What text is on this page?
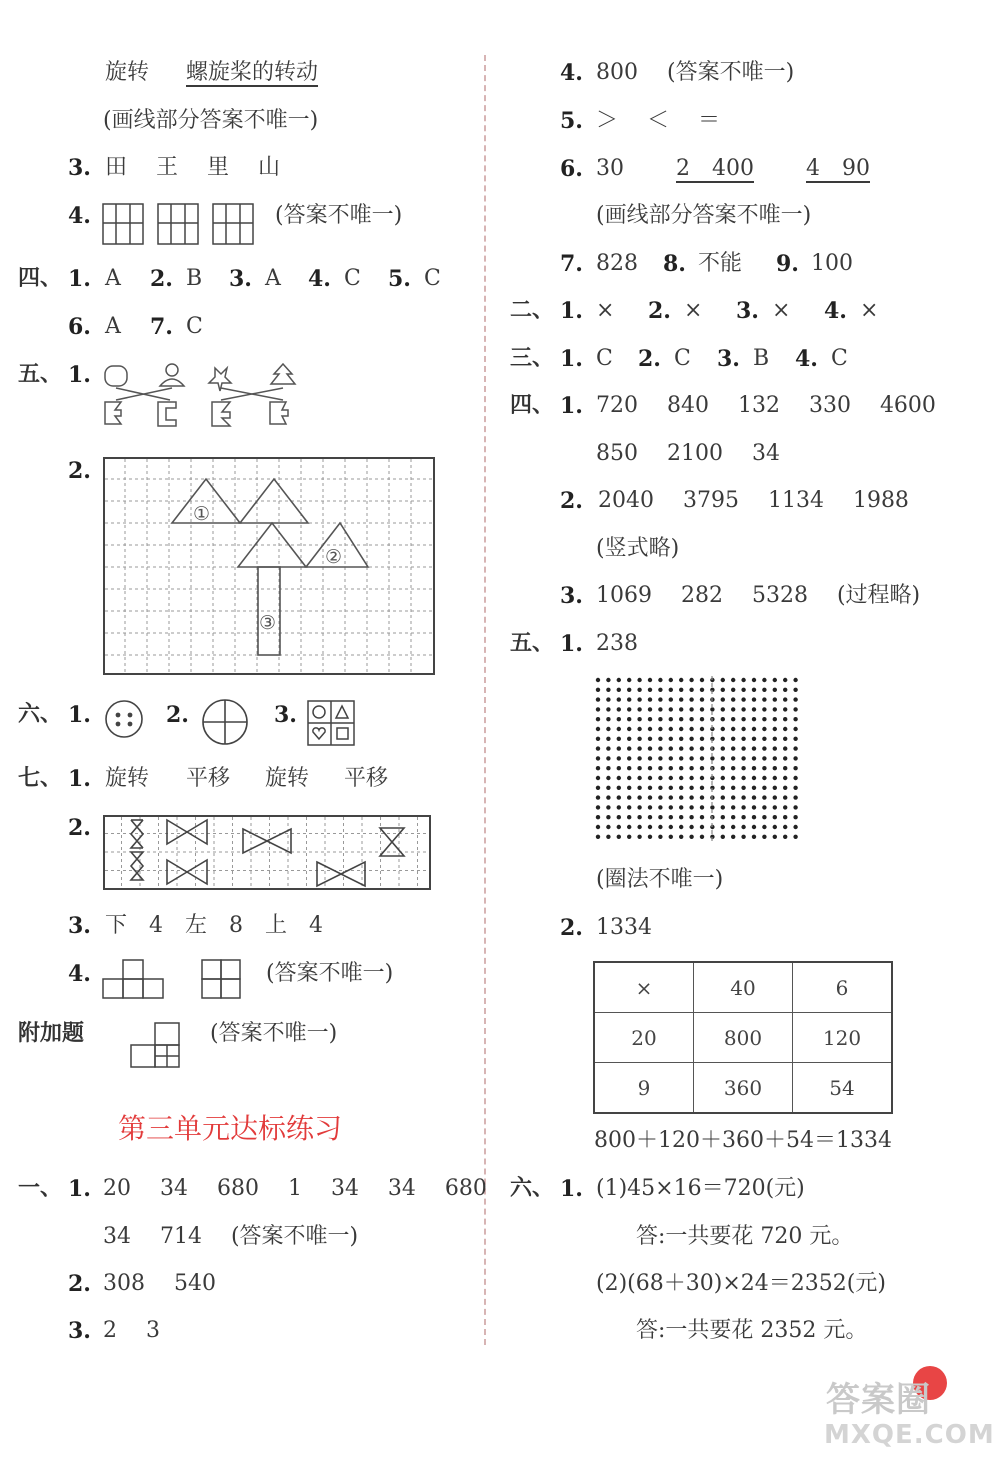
旋转 螺旋桨的转动
(画线部分答案不唯一)
3. 田　 王　 里　 山
4.	(答案不唯一)
四、 1. A 2. B 3. A 4. C 5. C
6. A 7. C
五、 1.
2.
①
②
③
六、 1.	2.	3.
七、 1. 旋转 平移 旋转 平移
2.
3. 下　4　左　8　上　4
4.	(答案不唯一)
附加题	(答案不唯一)
第三单元达标练习
一、 1. 20　 34　 680　 1　 34　 34　 680
34　 714　 (答案不唯一)
2. 308　 540
3. 2　 3
4. 800　 (答案不唯一)
5. ＞　 ＜　 ＝
6. 30 2　400 4　90
(画线部分答案不唯一)
7. 828 8. 不能 9. 100
二、 1. × 2. × 3. × 4. ×
三、 1. C 2. C 3. B 4. C
四、 1. 720　 840　 132　 330　 4600
850　 2100　 34
2. 2040　 3795　 1134　 1988
(竖式略)
3. 1069　 282　 5328　 (过程略)
五、 1. 238
(圈法不唯一)
2. 1334
×	40	6
20	800	120
9	360	54
800＋120＋360＋54＝1334
六、 1. (1)45×16＝720(元)
答:一共要花 720 元。
(2)(68＋30)×24＝2352(元)
答:一共要花 2352 元。
答案圈
MXQE.COM
